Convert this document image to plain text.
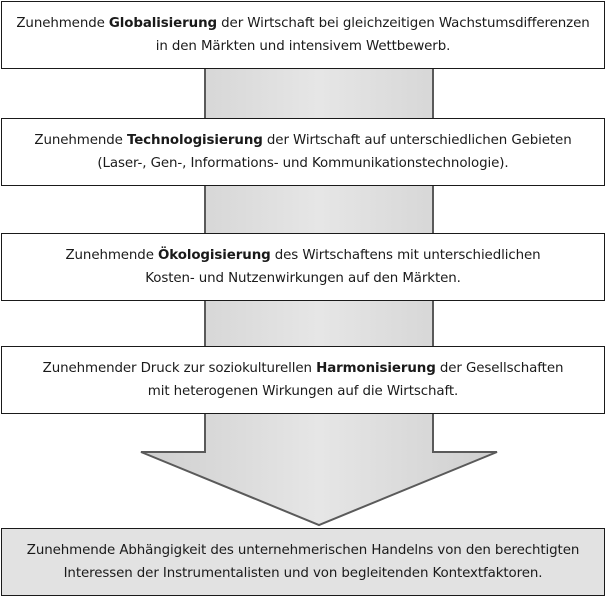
Zunehmende Globalisierung der Wirtschaft bei gleichzeitigen Wachstumsdifferenzen
in den Märkten und intensivem Wettbewerb.
Zunehmende Technologisierung der Wirtschaft auf unterschiedlichen Gebieten
(Laser-, Gen-, Informations- und Kommunikationstechnologie).
Zunehmende Ökologisierung des Wirtschaftens mit unterschiedlichen
Kosten- und Nutzenwirkungen auf den Märkten.
Zunehmender Druck zur soziokulturellen Harmonisierung der Gesellschaften
mit heterogenen Wirkungen auf die Wirtschaft.
Zunehmende Abhängigkeit des unternehmerischen Handelns von den berechtigten
Interessen der Instrumentalisten und von begleitenden Kontextfaktoren.
